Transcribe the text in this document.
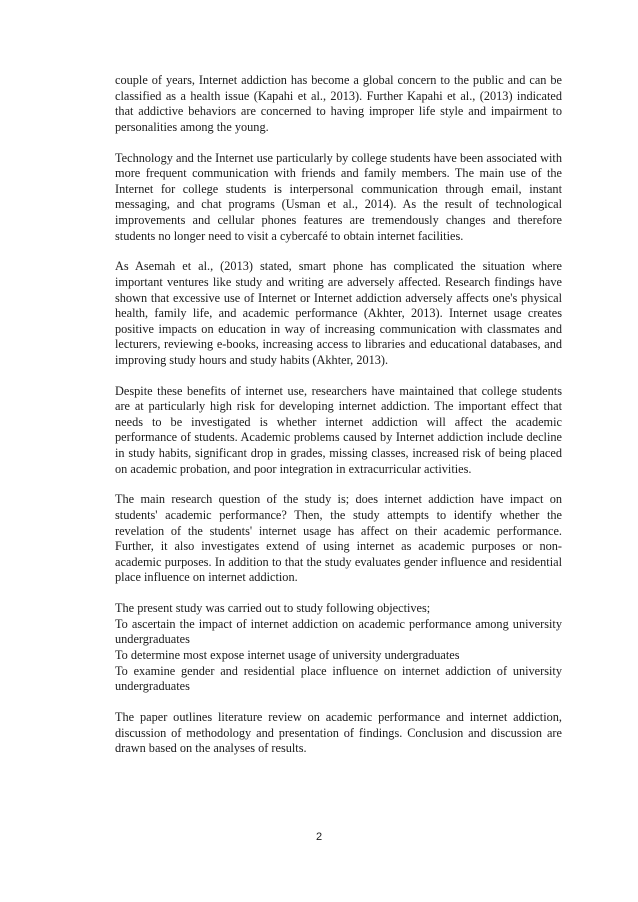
couple of years, Internet addiction has become a global concern to the public and can be classified as a health issue (Kapahi et al., 2013). Further Kapahi et al., (2013) indicated that addictive behaviors are concerned to having improper life style and impairment to personalities among the young.

Technology and the Internet use particularly by college students have been associated with more frequent communication with friends and family members. The main use of the Internet for college students is interpersonal communication through email, instant messaging, and chat programs (Usman et al., 2014). As the result of technological improvements and cellular phones features are tremendously changes and therefore students no longer need to visit a cybercafé to obtain internet facilities.

As Asemah et al., (2013) stated, smart phone has complicated the situation where important ventures like study and writing are adversely affected. Research findings have shown that excessive use of Internet or Internet addiction adversely affects one's physical health, family life, and academic performance (Akhter, 2013). Internet usage creates positive impacts on education in way of increasing communication with classmates and lecturers, reviewing e-books, increasing access to libraries and educational databases, and improving study hours and study habits (Akhter, 2013).

Despite these benefits of internet use, researchers have maintained that college students are at particularly high risk for developing internet addiction. The important effect that needs to be investigated is whether internet addiction will affect the academic performance of students. Academic problems caused by Internet addiction include decline in study habits, significant drop in grades, missing classes, increased risk of being placed on academic probation, and poor integration in extracurricular activities.

The main research question of the study is; does internet addiction have impact on students' academic performance? Then, the study attempts to identify whether the revelation of the students' internet usage has affect on their academic performance. Further, it also investigates extend of using internet as academic purposes or non-academic purposes. In addition to that the study evaluates gender influence and residential place influence on internet addiction.

The present study was carried out to study following objectives;

To ascertain the impact of internet addiction on academic performance among university undergraduates

To determine most expose internet usage of university undergraduates

To examine gender and residential place influence on internet addiction of university undergraduates

The paper outlines literature review on academic performance and internet addiction, discussion of methodology and presentation of findings. Conclusion and discussion are drawn based on the analyses of results.

2
